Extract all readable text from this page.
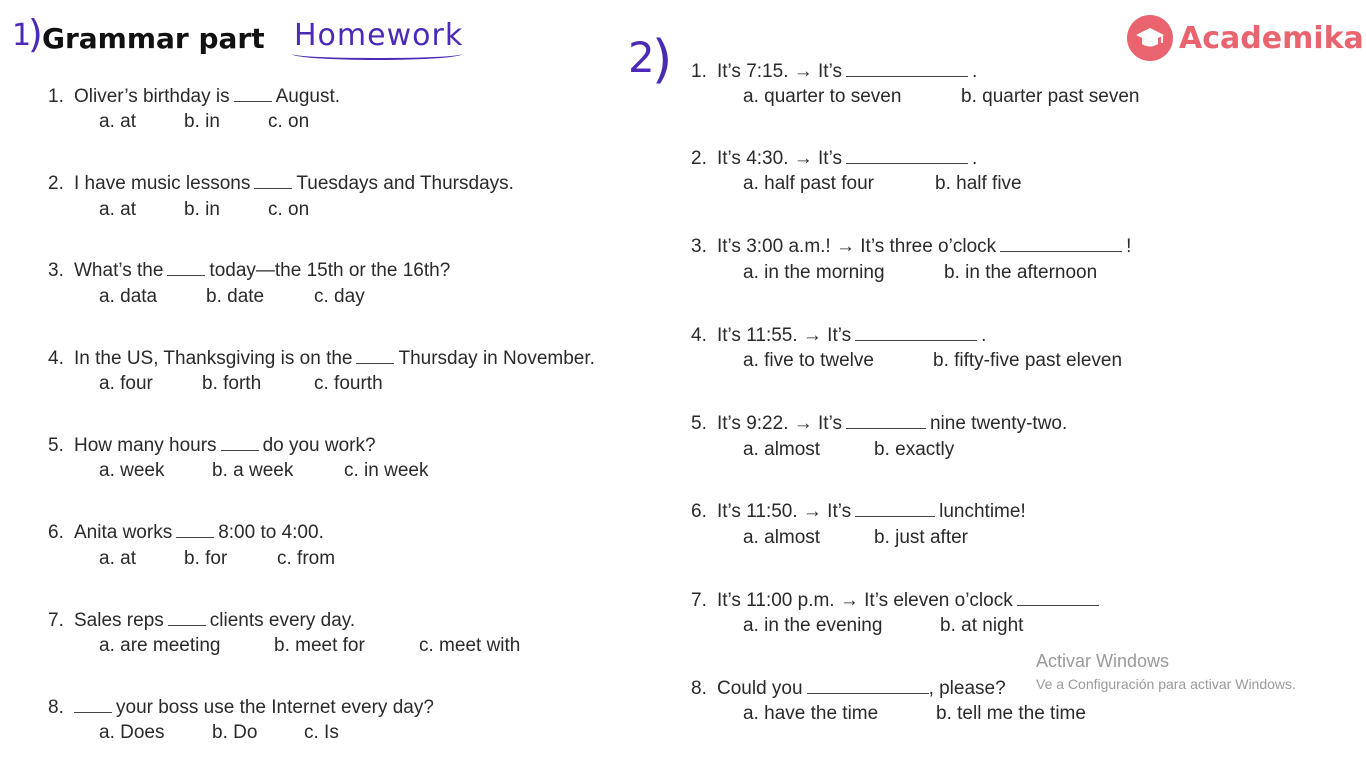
1
) Grammar part Homework	2
)	Academika
1. Oliver’s birthday is August.
a. at	b. in	c. on
2. I have music lessons Tuesdays and Thursdays.
a. at	b. in	c. on
3. What’s the today—the 15th or the 16th?
a. data	b. date	c. day
4. In the US, Thanksgiving is on the Thursday in November.
a. four	b. forth	c. fourth
5. How many hours do you work?
a. week	b. a week	c. in week
6. Anita works 8:00 to 4:00.
a. at	b. for	c. from
7. Sales reps clients every day.
a. are meeting	b. meet for	c. meet with
8.	your boss use the Internet every day?
a. Does	b. Do c. Is
1. It’s 7:15. → It’s	.
a. quarter to seven	b. quarter past seven
2. It’s 4:30. → It’s	.
a. half past four	b. half five
3. It’s 3:00 a.m.! → It’s three o’clock	!
a. in the morning	b. in the afternoon
4. It’s 11:55. → It’s	.
a. five to twelve	b. fifty-five past eleven
5. It’s 9:22. → It’s	nine twenty-two.
a. almost	b. exactly
6. It’s 11:50. → It’s	lunchtime!
a. almost	b. just after
7. It’s 11:00 p.m. → It’s eleven o’clock
a. in the evening	b. at night
8. Could you	, please?
a. have the time	b. tell me the time
Activar Windows
Ve a Configuración para activar Windows.
